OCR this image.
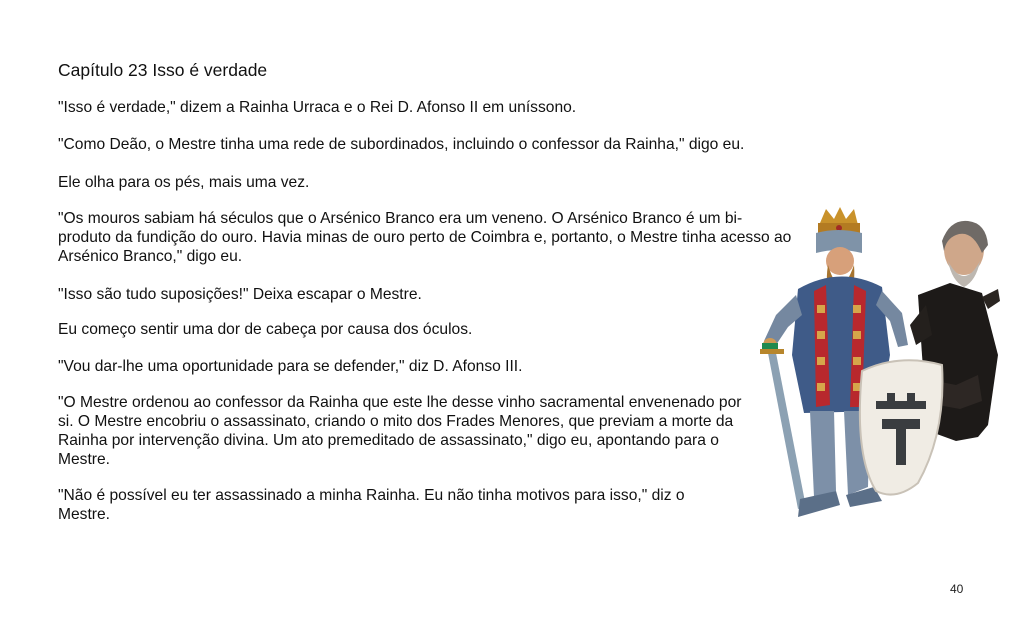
Capítulo 23 Isso é verdade

"Isso é verdade," dizem a Rainha Urraca e o Rei D. Afonso II em uníssono.

"Como Deão, o Mestre tinha uma rede de subordinados, incluindo o confessor da Rainha," digo eu.

Ele olha para os pés, mais uma vez.

"Os mouros sabiam há séculos que o Arsénico Branco era um veneno. O Arsénico Branco é um bi-produto da fundição do ouro. Havia minas de ouro perto de Coimbra e, portanto, o Mestre tinha acesso ao Arsénico Branco," digo eu.

"Isso são tudo suposições!" Deixa escapar o Mestre.

Eu começo sentir uma dor de cabeça por causa dos óculos.

"Vou dar-lhe uma oportunidade para se defender," diz D. Afonso III.

"O Mestre ordenou ao confessor da Rainha que este lhe desse vinho sacramental envenenado por si. O Mestre encobriu o assassinato, criando o mito dos Frades Menores, que previam a morte da Rainha por intervenção divina. Um ato premeditado de assassinato," digo eu, apontando para o Mestre.

"Não é possível eu ter assassinado a minha Rainha. Eu não tinha motivos para isso," diz o Mestre.

40
